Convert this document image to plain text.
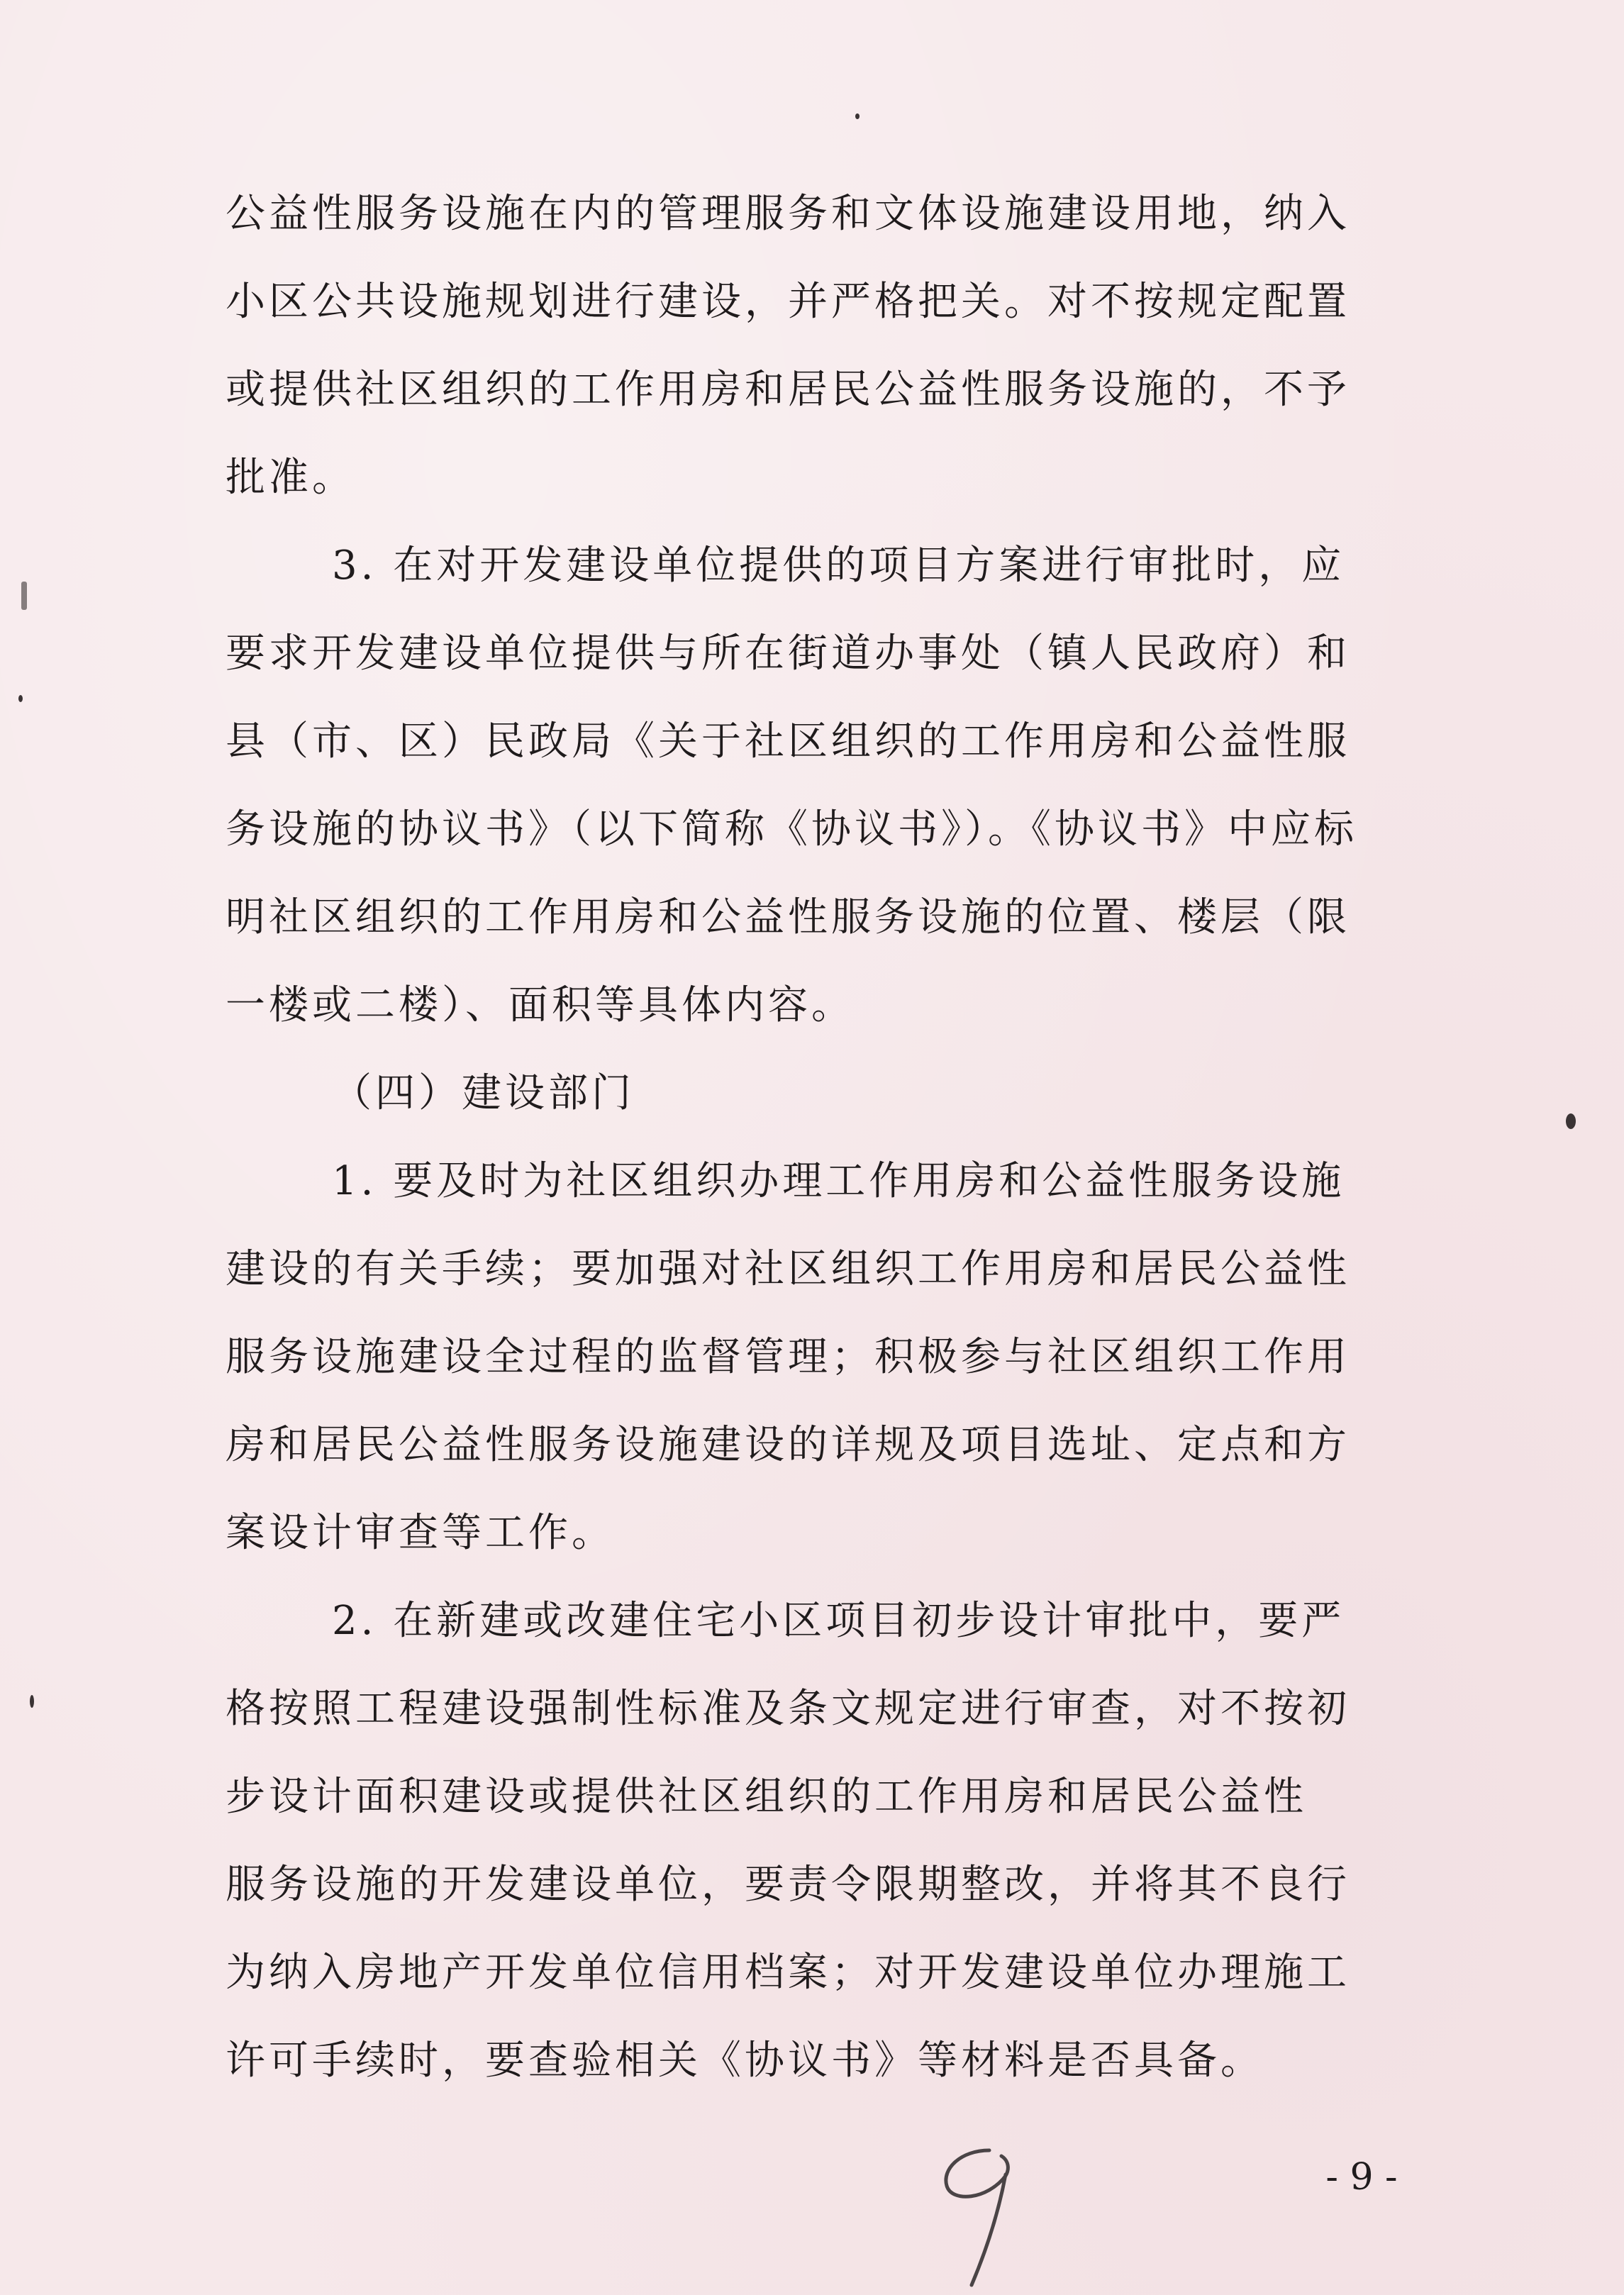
公益性服务设施在内的管理服务和文体设施建设用地，纳入
小区公共设施规划进行建设，并严格把关。对不按规定配置
或提供社区组织的工作用房和居民公益性服务设施的，不予
批准。
3. 在对开发建设单位提供的项目方案进行审批时，应
要求开发建设单位提供与所在街道办事处（镇人民政府）和
县（市、区）民政局《关于社区组织的工作用房和公益性服
务设施的协议书》（以下简称《协议书》）。《协议书》中应标
明社区组织的工作用房和公益性服务设施的位置、楼层（限
一楼或二楼）、面积等具体内容。
（四）建设部门
1. 要及时为社区组织办理工作用房和公益性服务设施
建设的有关手续；要加强对社区组织工作用房和居民公益性
服务设施建设全过程的监督管理；积极参与社区组织工作用
房和居民公益性服务设施建设的详规及项目选址、定点和方
案设计审查等工作。
2. 在新建或改建住宅小区项目初步设计审批中，要严
格按照工程建设强制性标准及条文规定进行审查，对不按初
步设计面积建设或提供社区组织的工作用房和居民公益性
服务设施的开发建设单位，要责令限期整改，并将其不良行
为纳入房地产开发单位信用档案；对开发建设单位办理施工
许可手续时，要查验相关《协议书》等材料是否具备。
- 9 -
